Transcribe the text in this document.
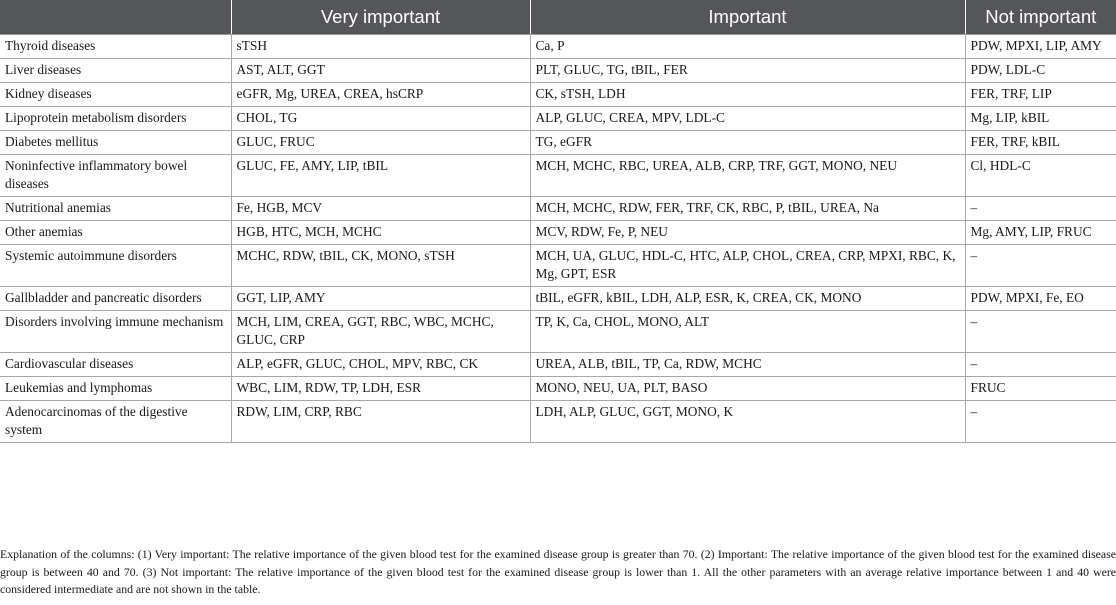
	Very important	Important	Not important
Thyroid diseases	sTSH	Ca, P	PDW, MPXI, LIP, AMY
Liver diseases	AST, ALT, GGT	PLT, GLUC, TG, tBIL, FER	PDW, LDL-C
Kidney diseases	eGFR, Mg, UREA, CREA, hsCRP	CK, sTSH, LDH	FER, TRF, LIP
Lipoprotein metabolism disorders	CHOL, TG	ALP, GLUC, CREA, MPV, LDL-C	Mg, LIP, kBIL
Diabetes mellitus	GLUC, FRUC	TG, eGFR	FER, TRF, kBIL
Noninfective inflammatory bowel diseases	GLUC, FE, AMY, LIP, tBIL	MCH, MCHC, RBC, UREA, ALB, CRP, TRF, GGT, MONO, NEU	Cl, HDL-C
Nutritional anemias	Fe, HGB, MCV	MCH, MCHC, RDW, FER, TRF, CK, RBC, P, tBIL, UREA, Na	–
Other anemias	HGB, HTC, MCH, MCHC	MCV, RDW, Fe, P, NEU	Mg, AMY, LIP, FRUC
Systemic autoimmune disorders	MCHC, RDW, tBIL, CK, MONO, sTSH	MCH, UA, GLUC, HDL-C, HTC, ALP, CHOL, CREA, CRP, MPXI, RBC, K, Mg, GPT, ESR	–
Gallbladder and pancreatic disorders	GGT, LIP, AMY	tBIL, eGFR, kBIL, LDH, ALP, ESR, K, CREA, CK, MONO	PDW, MPXI, Fe, EO
Disorders involving immune mechanism	MCH, LIM, CREA, GGT, RBC, WBC, MCHC, GLUC, CRP	TP, K, Ca, CHOL, MONO, ALT	–
Cardiovascular diseases	ALP, eGFR, GLUC, CHOL, MPV, RBC, CK	UREA, ALB, tBIL, TP, Ca, RDW, MCHC	–
Leukemias and lymphomas	WBC, LIM, RDW, TP, LDH, ESR	MONO, NEU, UA, PLT, BASO	FRUC
Adenocarcinomas of the digestive system	RDW, LIM, CRP, RBC	LDH, ALP, GLUC, GGT, MONO, K	–
Explanation of the columns: (1) Very important: The relative importance of the given blood test for the examined disease group is greater than 70. (2) Important: The relative importance of the given blood test for the examined disease group is between 40 and 70. (3) Not important: The relative importance of the given blood test for the examined disease group is lower than 1. All the other parameters with an average relative importance between 1 and 40 were considered intermediate and are not shown in the table.
